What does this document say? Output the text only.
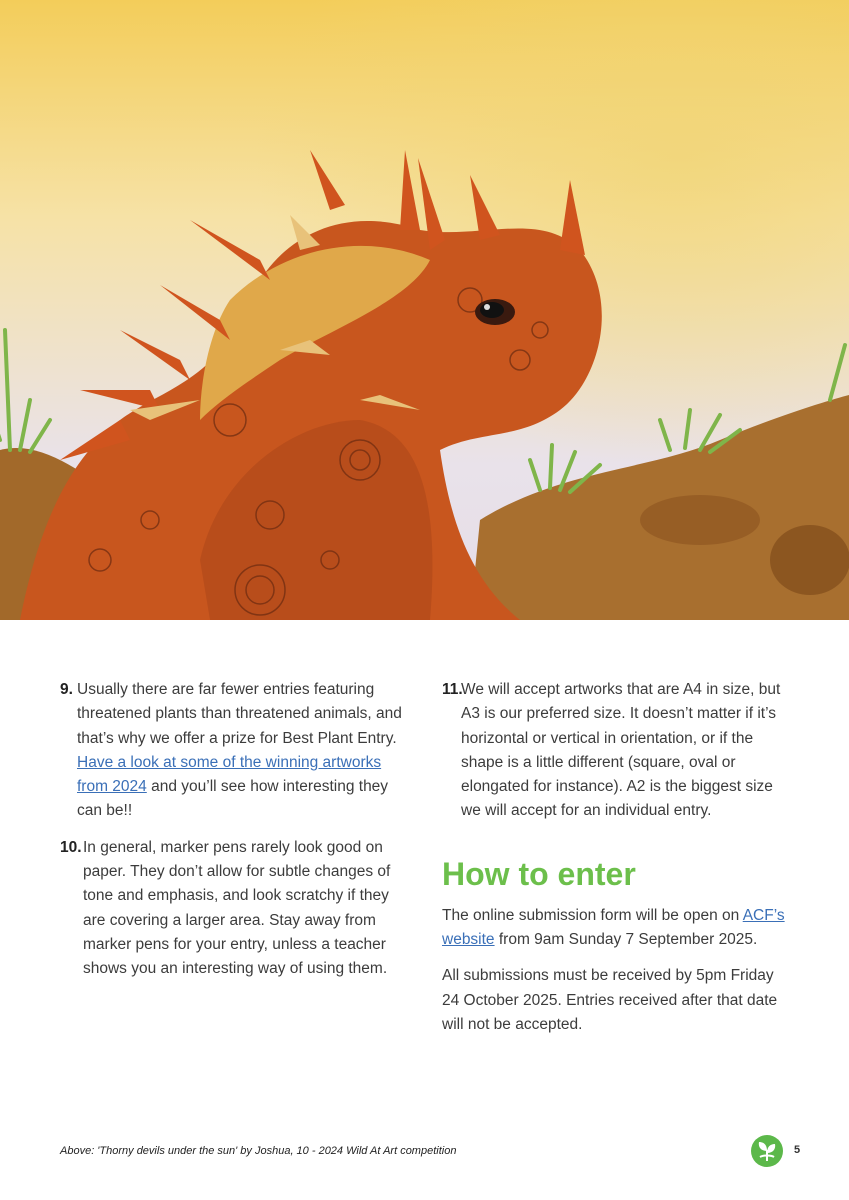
9. Usually there are far fewer entries featuring threatened plants than threatened animals, and that’s why we offer a prize for Best Plant Entry. Have a look at some of the winning artworks from 2024 and you’ll see how interesting they can be!!

10. In general, marker pens rarely look good on paper. They don’t allow for subtle changes of tone and emphasis, and look scratchy if they are covering a larger area. Stay away from marker pens for your entry, unless a teacher shows you an interesting way of using them.

11.

We will accept artworks that are A4 in size, but A3 is our preferred size. It doesn’t matter if it’s horizontal or vertical in orientation, or if the shape is a little different (square, oval or elongated for instance). A2 is the biggest size we will accept for an individual entry.

How to enter

The online submission form will be open on ACF’s website from 9am Sunday 7 September 2025.

All submissions must be received by 5pm Friday 24 October 2025. Entries received after that date will not be accepted.

Above: 'Thorny devils under the sun' by Joshua, 10 - 2024 Wild At Art competition	5
